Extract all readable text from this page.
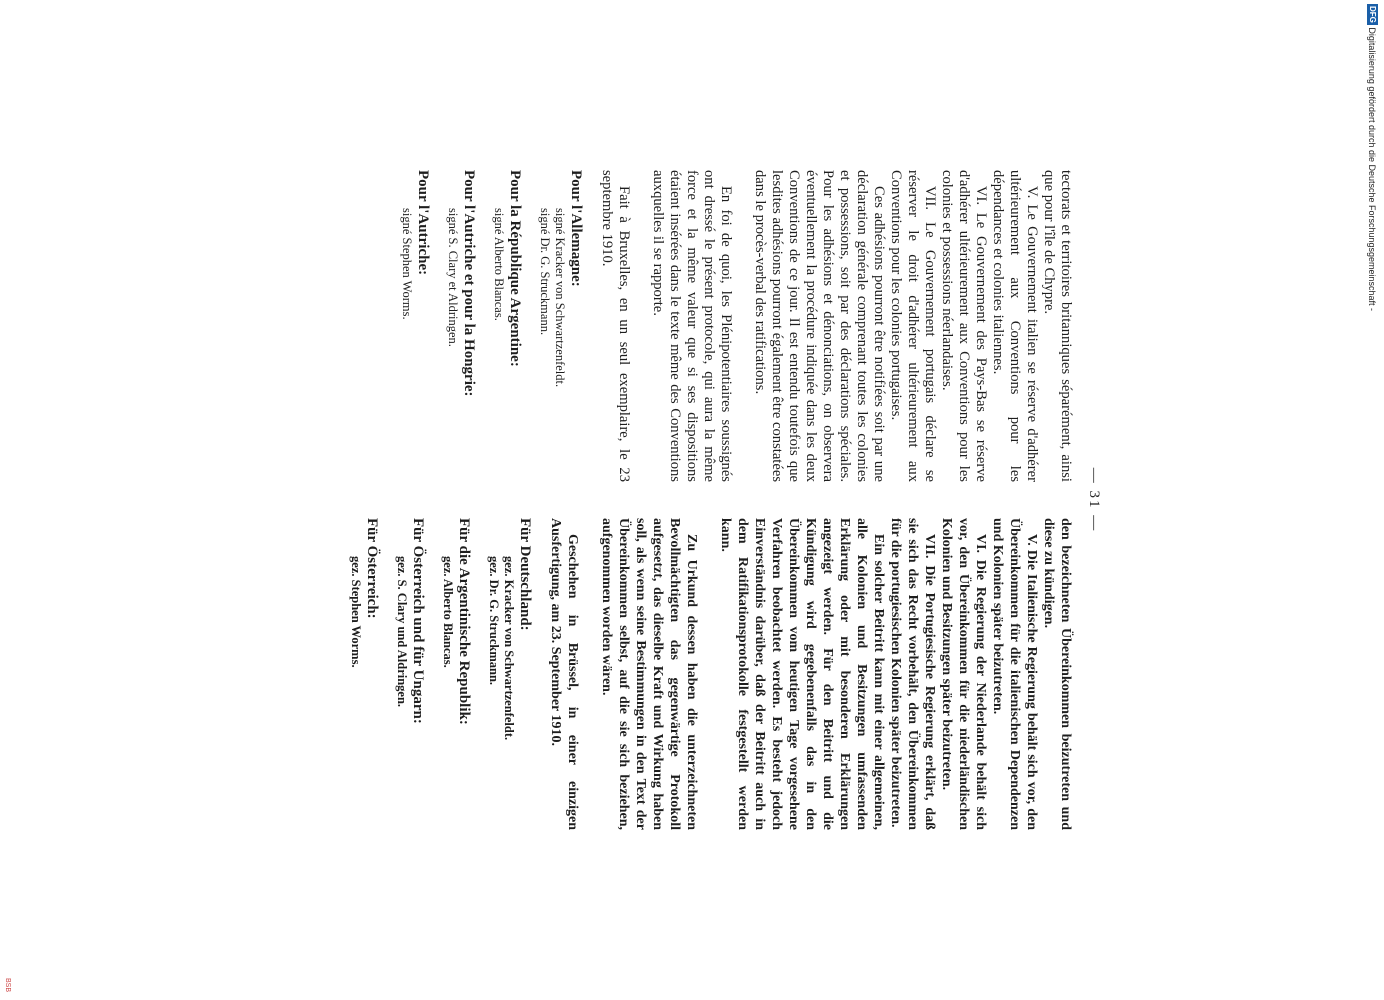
— 31 —

tectorats et territoires britanniques séparément, ainsi que pour l'île de Chypre.

V. Le Gouvernement italien se réserve d'adhérer ultérieurement aux Conventions pour les dépendances et colonies italiennes.

VI. Le Gouvernement des Pays-Bas se réserve d'adhérer ultérieurement aux Conventions pour les colonies et possessions néerlandaises.

VII. Le Gouvernement portugais déclare se réserver le droit d'adhérer ultérieurement aux Conventions pour les colonies portugaises.

Ces adhésions pourront être notifiées soit par une déclaration générale comprenant toutes les colonies et possessions, soit par des déclarations spéciales. Pour les adhésions et dénonciations, on observera éventuellement la procédure indiquée dans les deux Conventions de ce jour. Il est entendu toutefois que lesdites adhésions pourront également être constatées dans le procès-verbal des ratifications.

En foi de quoi, les Plénipotentiaires soussignés ont dressé le présent protocole, qui aura la même force et la même valeur que si ses dispositions étaient insérées dans le texte même des Conventions auxquelles il se rapporte.

Fait à Bruxelles, en un seul exemplaire, le 23 septembre 1910.

Pour l'Allemagne:

signé Kracker von Schwartzenfeldt.

signé Dr. G. Struckmann.

Pour la République Argentine:

signé Alberto Blancas.

Pour l'Autriche et pour la Hongrie:

signé S. Clary et Aldringen.

Pour l'Autriche:

signé Stephen Worms.

den bezeichneten Übereinkommen beizutreten und diese zu kündigen.

V. Die Italienische Regierung behält sich vor, den Übereinkommen für die italienischen Dependenzen und Kolonien später beizutreten.

VI. Die Regierung der Niederlande behält sich vor, den Übereinkommen für die niederländischen Kolonien und Besitzungen später beizutreten.

VII. Die Portugiesische Regierung erklärt, daß sie sich das Recht vorbehält, den Übereinkommen für die portugiesischen Kolonien später beizutreten.

Ein solcher Beitritt kann mit einer allgemeinen, alle Kolonien und Besitzungen umfassenden Erklärung oder mit besonderen Erklärungen angezeigt werden. Für den Beitritt und die Kündigung wird gegebenenfalls das in den Übereinkommen vom heutigen Tage vorgesehene Verfahren beobachtet werden. Es besteht jedoch Einverständnis darüber, daß der Beitritt auch in dem Ratifikationsprotokolle festgestellt werden kann.

Zu Urkund dessen haben die unterzeichneten Bevollmächtigten das gegenwärtige Protokoll aufgesetzt, das dieselbe Kraft und Wirkung haben soll, als wenn seine Bestimmungen in den Text der Übereinkommen selbst, auf die sie sich beziehen, aufgenommen worden wären.

Geschehen in Brüssel, in einer einzigen Ausfertigung, am 23. September 1910.

Für Deutschland:

gez. Kracker von Schwartzenfeldt.

gez. Dr. G. Struckmann.

Für die Argentinische Republik:

gez. Alberto Blancas.

Für Österreich und für Ungarn:

gez. S. Clary und Aldringen.

Für Österreich:

gez. Stephen Worms.

DFG Digitalisierung gefördert durch die Deutsche Forschungsgemeinschaft -
BSB
